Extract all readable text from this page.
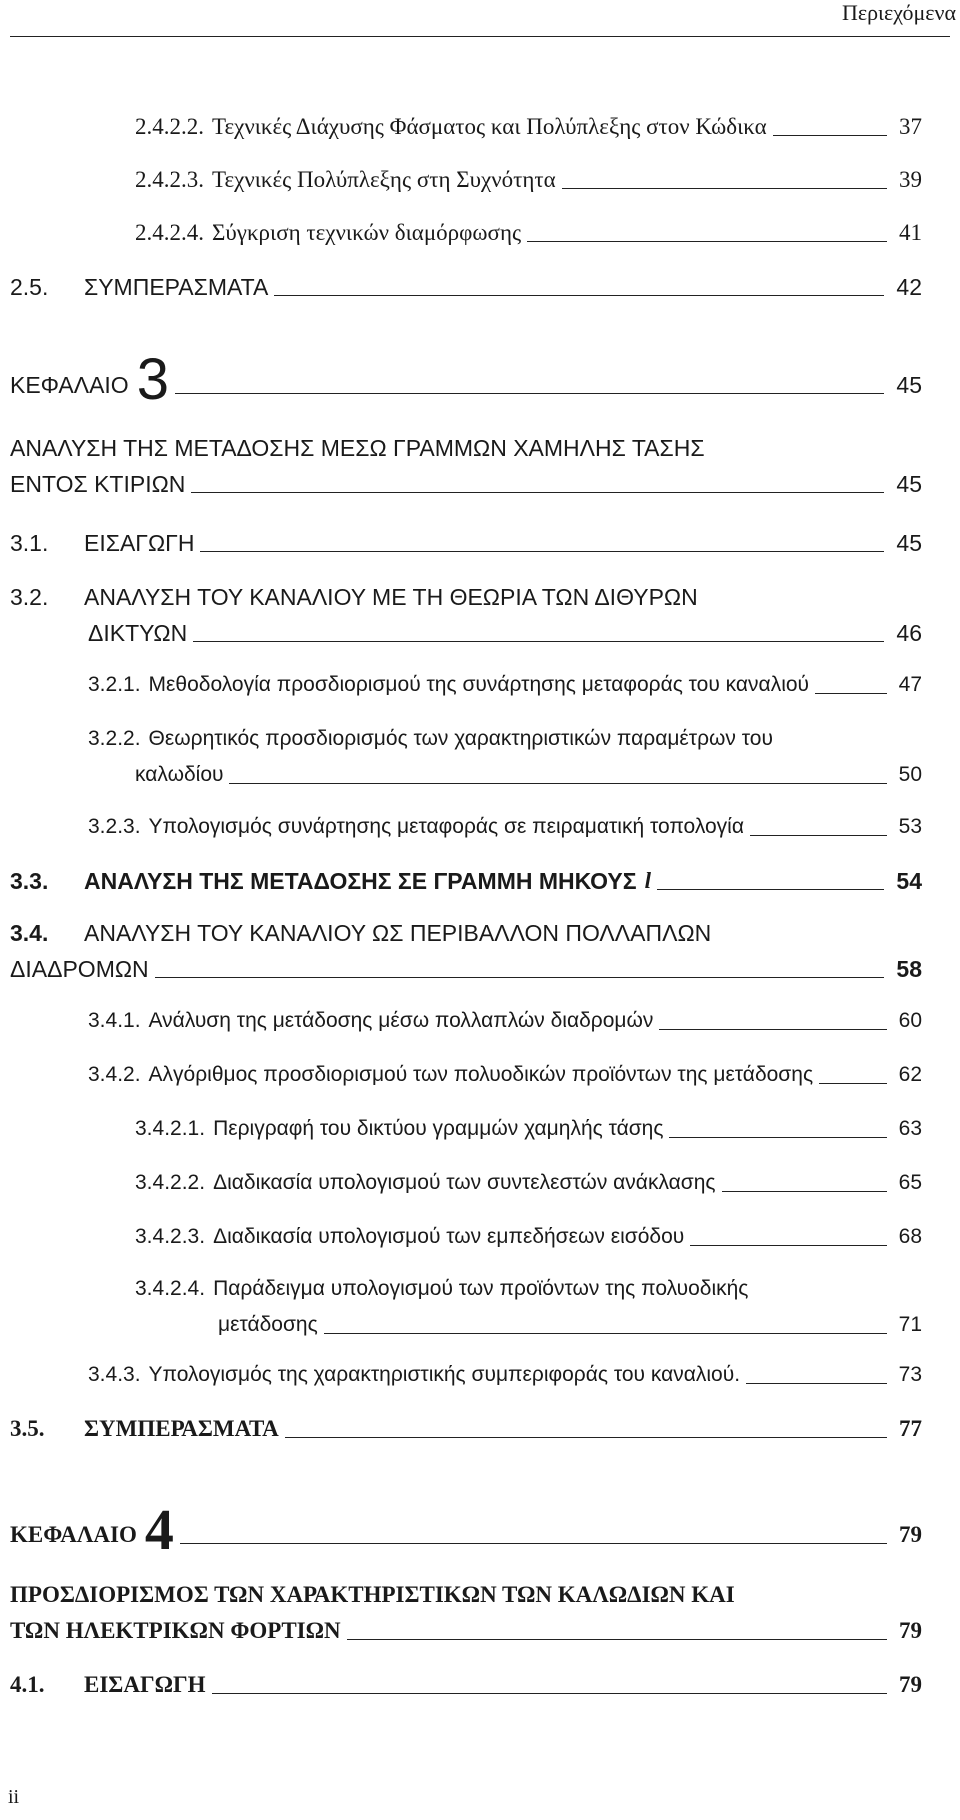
Περιεχόμενα
2.4.2.2. Τεχνικές Διάχυσης Φάσματος και Πολύπλεξης στον Κώδικα	37
2.4.2.3. Τεχνικές Πολύπλεξης στη Συχνότητα	39
2.4.2.4. Σύγκριση τεχνικών διαμόρφωσης	41
2.5.	ΣΥΜΠΕΡΑΣΜΑΤΑ	42
ΚΕΦΑΛΑΙΟ 3	45
ΑΝΑΛΥΣΗ ΤΗΣ ΜΕΤΑΔΟΣΗΣ ΜΕΣΩ ΓΡΑΜΜΩΝ ΧΑΜΗΛΗΣ ΤΑΣΗΣ
ΕΝΤΟΣ ΚΤΙΡΙΩΝ	45
3.1.	ΕΙΣΑΓΩΓΗ	45
3.2. ΑΝΑΛΥΣΗ ΤΟΥ ΚΑΝΑΛΙΟΥ ΜΕ ΤΗ ΘΕΩΡΙΑ ΤΩΝ ΔΙΘΥΡΩΝ
ΔΙΚΤΥΩΝ	46
3.2.1. Μεθοδολογία προσδιορισμού της συνάρτησης μεταφοράς του καναλιού	47
3.2.2. Θεωρητικός προσδιορισμός των χαρακτηριστικών παραμέτρων του
καλωδίου	50
3.2.3. Υπολογισμός συνάρτησης μεταφοράς σε πειραματική τοπολογία	53
3.3.	ΑΝΑΛΥΣΗ ΤΗΣ ΜΕΤΑΔΟΣΗΣ ΣΕ ΓΡΑΜΜΗ ΜΗΚΟΥΣ l	54
3.4. ΑΝΑΛΥΣΗ ΤΟΥ ΚΑΝΑΛΙΟΥ ΩΣ ΠΕΡΙΒΑΛΛΟΝ ΠΟΛΛΑΠΛΩΝ
ΔΙΑΔΡΟΜΩΝ	58
3.4.1. Ανάλυση της μετάδοσης μέσω πολλαπλών διαδρομών	60
3.4.2. Αλγόριθμος προσδιορισμού των πολυοδικών προϊόντων της μετάδοσης	62
3.4.2.1. Περιγραφή του δικτύου γραμμών χαμηλής τάσης	63
3.4.2.2. Διαδικασία υπολογισμού των συντελεστών ανάκλασης	65
3.4.2.3. Διαδικασία υπολογισμού των εμπεδήσεων εισόδου	68
3.4.2.4. Παράδειγμα υπολογισμού των προϊόντων της πολυοδικής
μετάδοσης	71
3.4.3. Υπολογισμός της χαρακτηριστικής συμπεριφοράς του καναλιού.	73
3.5.	ΣΥΜΠΕΡΑΣΜΑΤΑ	77
ΚΕΦΑΛΑΙΟ 4	79
ΠΡΟΣΔΙΟΡΙΣΜΟΣ ΤΩΝ ΧΑΡΑΚΤΗΡΙΣΤΙΚΩΝ ΤΩΝ ΚΑΛΩΔΙΩΝ ΚΑΙ
ΤΩΝ ΗΛΕΚΤΡΙΚΩΝ ΦΟΡΤΙΩΝ	79
4.1.	ΕΙΣΑΓΩΓΗ	79
ii
